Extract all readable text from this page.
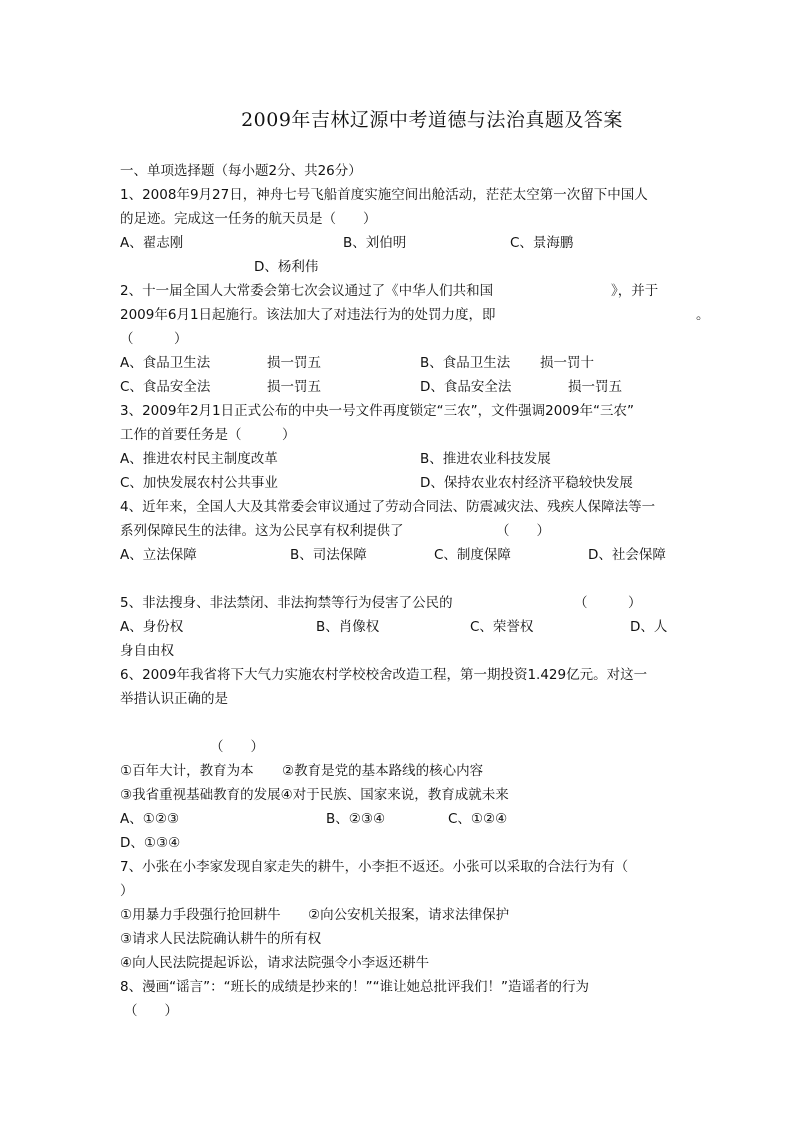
2009年吉林辽源中考道德与法治真题及答案

一、单项选择题（每小题2分、共26分）

1、2008年9月27日，神舟七号飞船首度实施空间出舱活动，茫茫太空第一次留下中国人

的足迹。完成这一任务的航天员是（　　）

A、翟志刚	B、刘伯明	C、景海鹏

D、杨利伟

2、十一届全国人大常委会第七次会议通过了《中华人们共和国	》，并于

2009年6月1日起施行。该法加大了对违法行为的处罚力度，即	。

（　　　）

A、食品卫生法	损一罚五	B、食品卫生法 损一罚十

C、食品安全法	损一罚五	D、食品安全法	损一罚五

3、2009年2月1日正式公布的中央一号文件再度锁定“三农”，文件强调2009年“三农”

工作的首要任务是（　　　）

A、推进农村民主制度改革	B、推进农业科技发展

C、加快发展农村公共事业	D、保持农业农村经济平稳较快发展

4、近年来，全国人大及其常委会审议通过了劳动合同法、防震减灾法、残疾人保障法等一

系列保障民生的法律。这为公民享有权利提供了	（　　）

A、立法保障	B、司法保障	C、制度保障	D、社会保障

5、非法搜身、非法禁闭、非法拘禁等行为侵害了公民的	（　　　）

A、身份权	B、肖像权	C、荣誉权	D、人

身自由权

6、2009年我省将下大气力实施农村学校校舍改造工程，第一期投资1.429亿元。对这一

举措认识正确的是

（　　）

①百年大计，教育为本 ②教育是党的基本路线的核心内容

③我省重视基础教育的发展④对于民族、国家来说，教育成就未来

A、①②③	B、②③④	C、①②④

D、①③④

7、小张在小李家发现自家走失的耕牛，小李拒不返还。小张可以采取的合法行为有（

）

①用暴力手段强行抢回耕牛 ②向公安机关报案，请求法律保护

③请求人民法院确认耕牛的所有权

④向人民法院提起诉讼，请求法院强令小李返还耕牛

8、漫画“谣言”：“班长的成绩是抄来的！”“谁让她总批评我们！”造谣者的行为

（　　）
